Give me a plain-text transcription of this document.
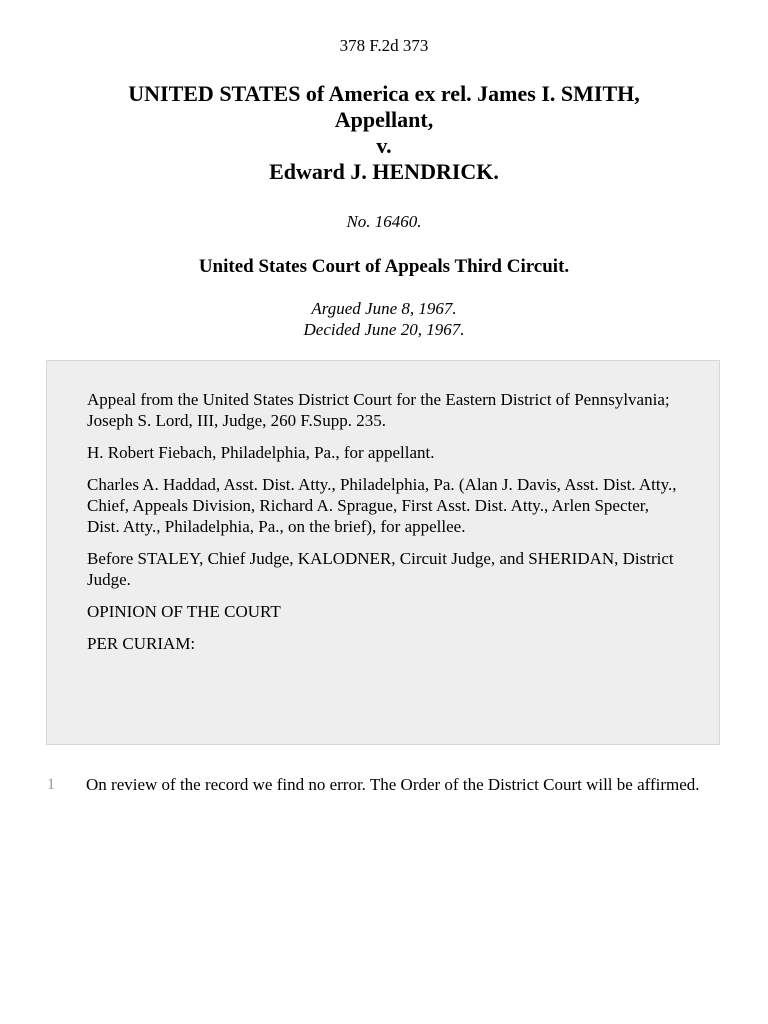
378 F.2d 373
UNITED STATES of America ex rel. James I. SMITH,
Appellant,
v.
Edward J. HENDRICK.
No. 16460.
United States Court of Appeals Third Circuit.
Argued June 8, 1967.
Decided June 20, 1967.

Appeal from the United States District Court for the Eastern District of Pennsylvania; Joseph S. Lord, III, Judge, 260 F.Supp. 235.

H. Robert Fiebach, Philadelphia, Pa., for appellant.

Charles A. Haddad, Asst. Dist. Atty., Philadelphia, Pa. (Alan J. Davis, Asst. Dist. Atty., Chief, Appeals Division, Richard A. Sprague, First Asst. Dist. Atty., Arlen Specter, Dist. Atty., Philadelphia, Pa., on the brief), for appellee.

Before STALEY, Chief Judge, KALODNER, Circuit Judge, and SHERIDAN, District Judge.

OPINION OF THE COURT

PER CURIAM:

1 On review of the record we find no error. The Order of the District Court will be affirmed.
